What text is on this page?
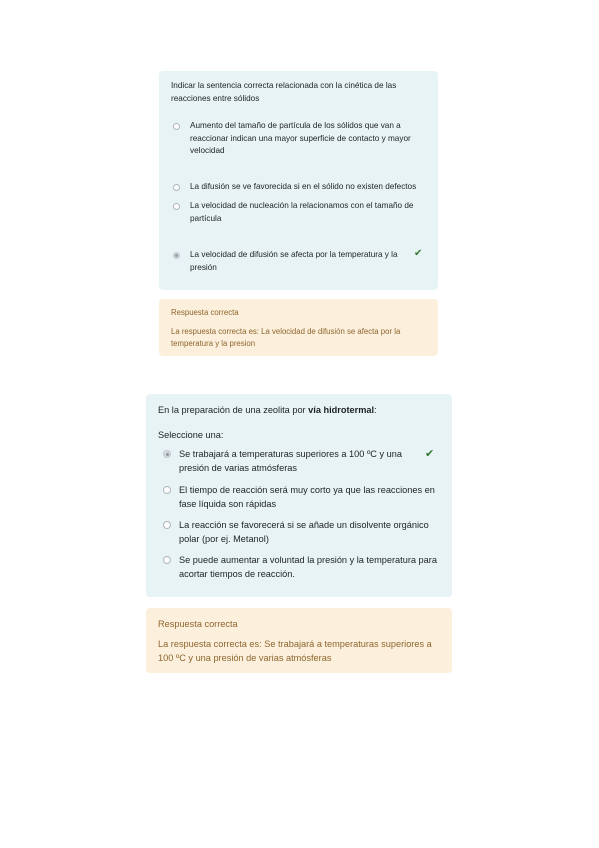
Indicar la sentencia correcta relacionada con la cinética de las reacciones entre sólidos

Aumento del tamaño de partícula de los sólidos que van a reaccionar indican una mayor superficie de contacto y mayor velocidad
La difusión se ve favorecida si en el sólido no existen defectos
La velocidad de nucleación la relacionamos con el tamaño de partícula
La velocidad de difusión se afecta por la temperatura y la presión
✔

Respuesta correcta

La respuesta correcta es: La velocidad de difusión se afecta por la temperatura y la presion

En la preparación de una zeolita por vía hidrotermal:

Seleccione una:

Se trabajará a temperaturas superiores a 100 ºC y una presión de varias atmósferas
✔
El tiempo de reacción será muy corto ya que las reacciones en fase líquida son rápidas
La reacción se favorecerá si se añade un disolvente orgánico polar (por ej. Metanol)
Se puede aumentar a voluntad la presión y la temperatura para acortar tiempos de reacción.

Respuesta correcta

La respuesta correcta es: Se trabajará a temperaturas superiores a 100 ºC y una presión de varias atmósferas
